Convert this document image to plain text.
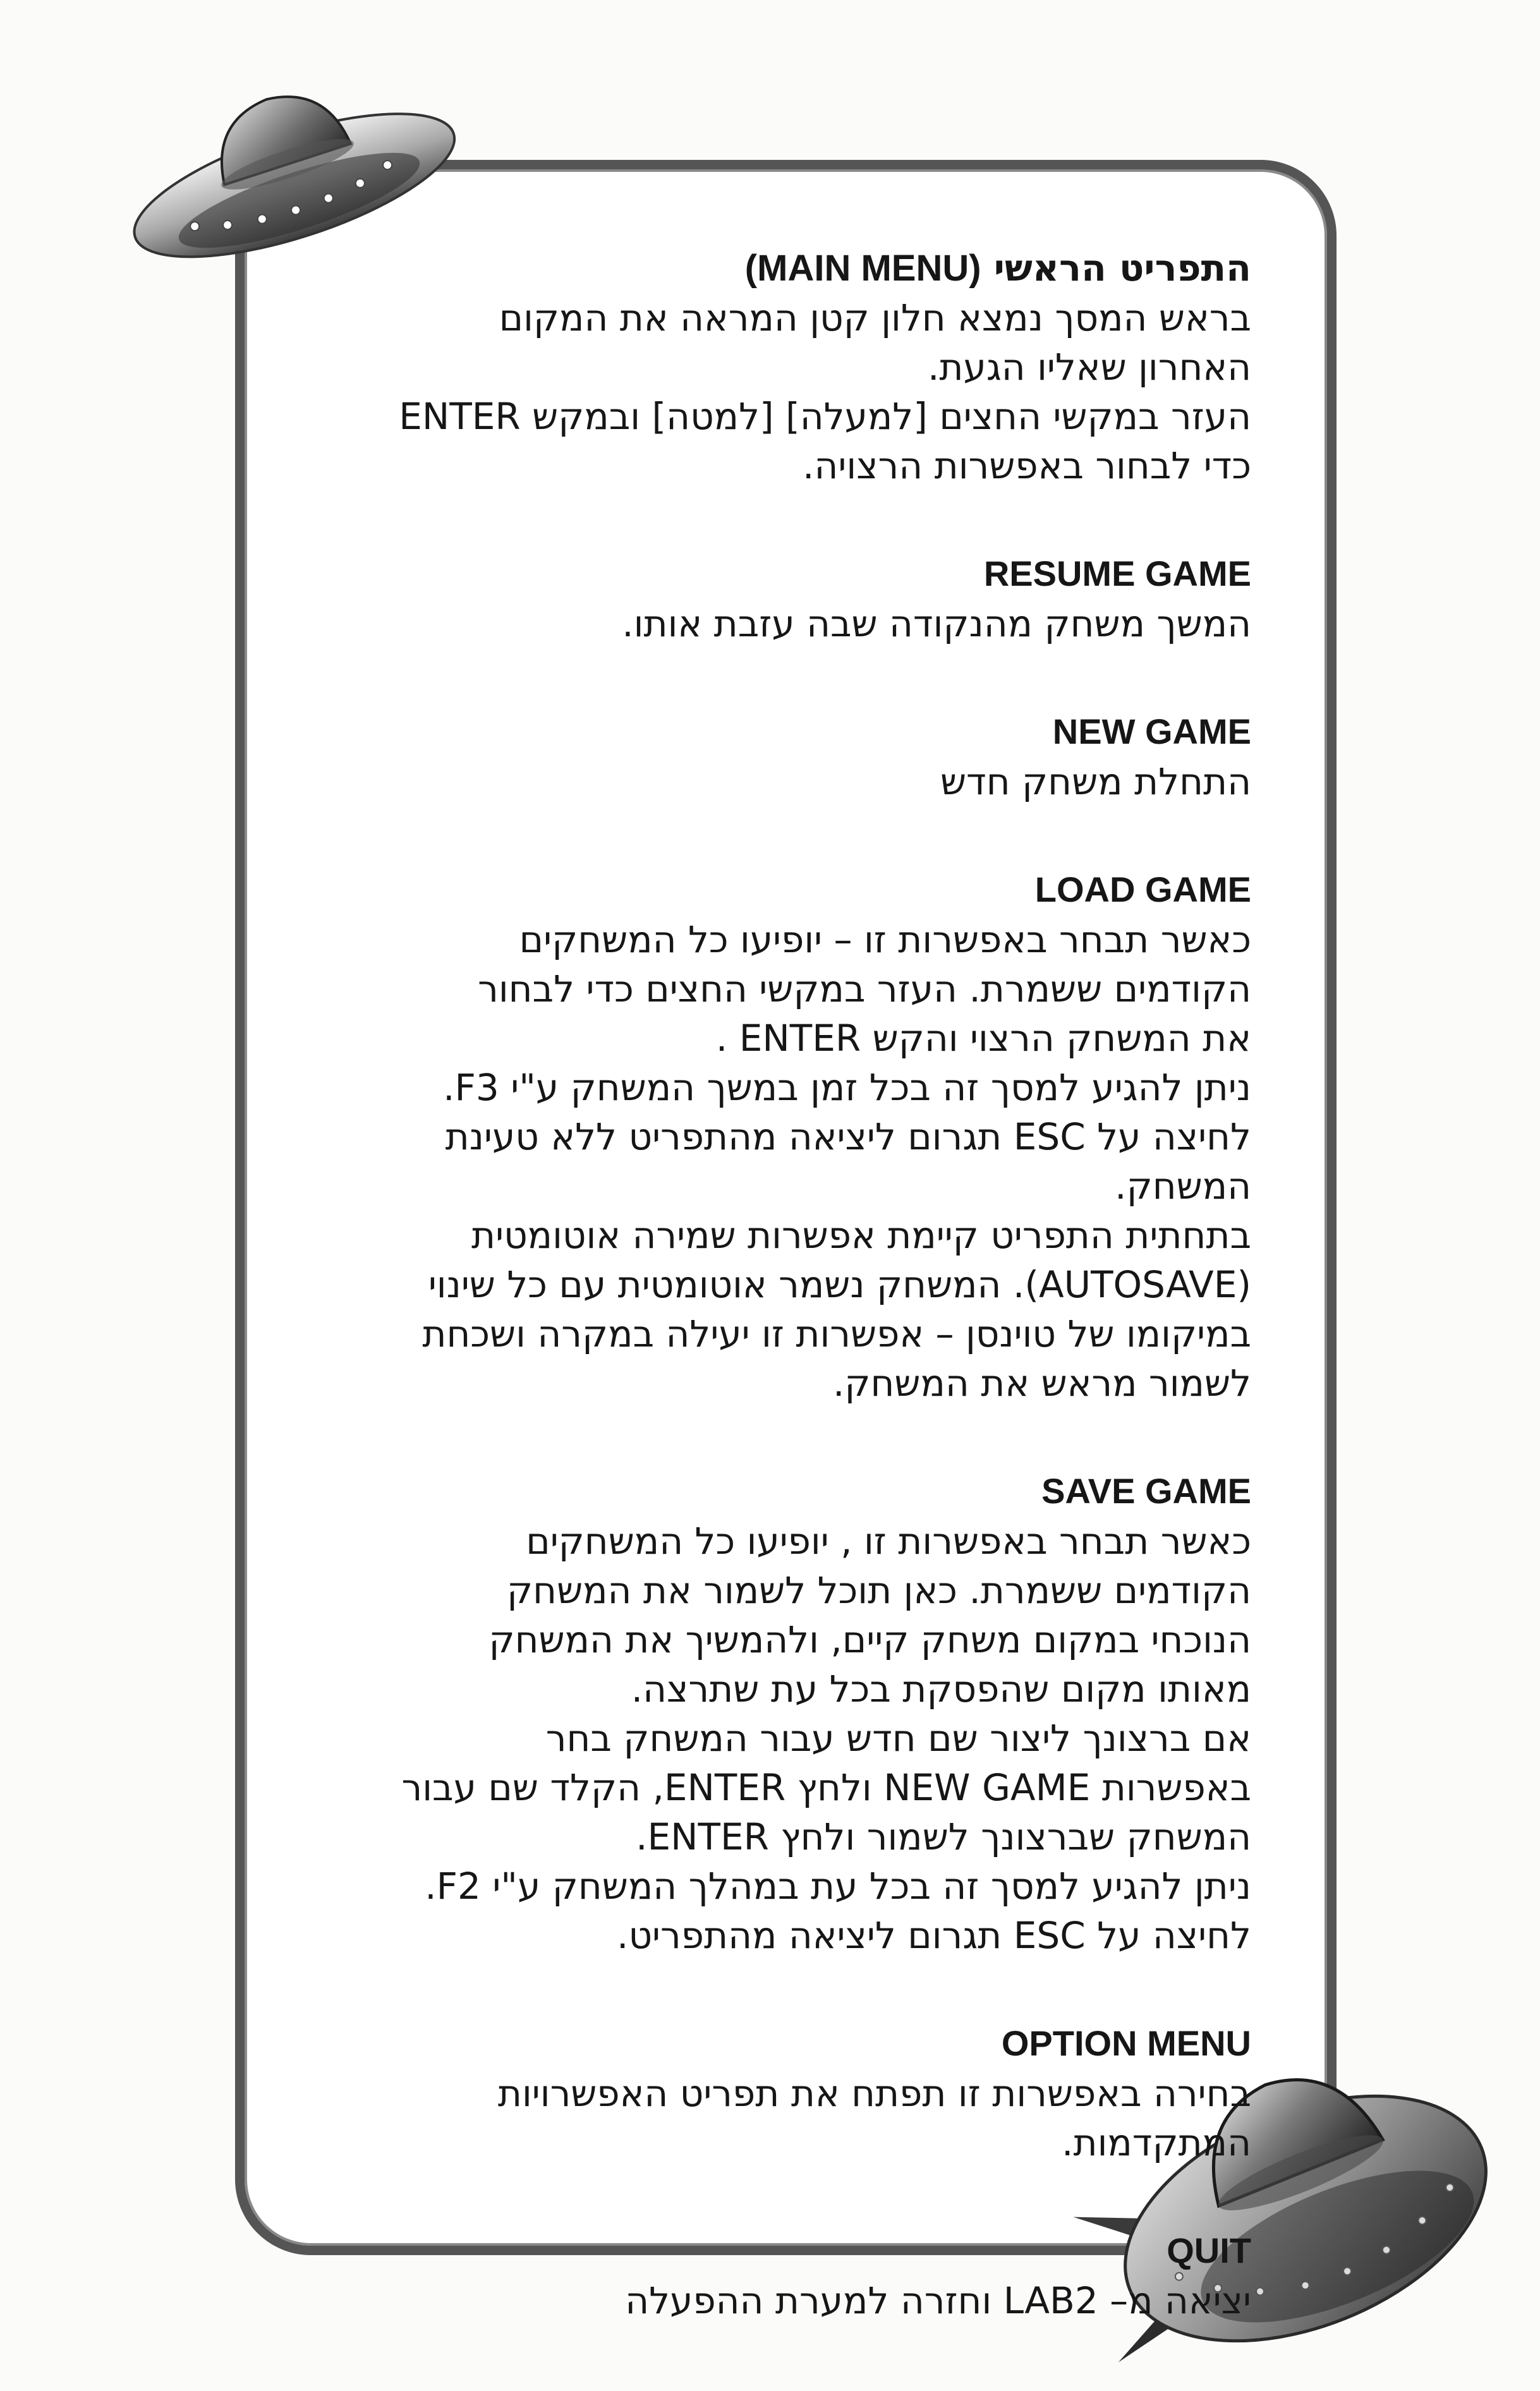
התפריט הראשי (MAIN MENU)

בראש המסך נמצא חלון קטן המראה את המקום

האחרון שאליו הגעת.

העזר במקשי החצים [למעלה] [למטה] ובמקש ENTER

כדי לבחור באפשרות הרצויה.

RESUME GAME

המשך משחק מהנקודה שבה עזבת אותו.

NEW GAME

התחלת משחק חדש

LOAD GAME

כאשר תבחר באפשרות זו – יופיעו כל המשחקים

הקודמים ששמרת. העזר במקשי החצים כדי לבחור

את המשחק הרצוי והקש ENTER .

ניתן להגיע למסך זה בכל זמן במשך המשחק ע"י F3.

לחיצה על ESC תגרום ליציאה מהתפריט ללא טעינת

המשחק.

בתחתית התפריט קיימת אפשרות שמירה אוטומטית

(AUTOSAVE). המשחק נשמר אוטומטית עם כל שינוי

במיקומו של טוינסן – אפשרות זו יעילה במקרה ושכחת

לשמור מראש את המשחק.

SAVE GAME

כאשר תבחר באפשרות זו , יופיעו כל המשחקים

הקודמים ששמרת. כאן תוכל לשמור את המשחק

הנוכחי במקום משחק קיים, ולהמשיך את המשחק

מאותו מקום שהפסקת בכל עת שתרצה.

אם ברצונך ליצור שם חדש עבור המשחק בחר

באפשרות NEW GAME ולחץ ENTER, הקלד שם עבור

המשחק שברצונך לשמור ולחץ ENTER.

ניתן להגיע למסך זה בכל עת במהלך המשחק ע"י F2.

לחיצה על ESC תגרום ליציאה מהתפריט.

OPTION MENU

בחירה באפשרות זו תפתח את תפריט האפשרויות

המתקדמות.

QUIT

יציאה מ– LAB2 וחזרה למערת ההפעלה
